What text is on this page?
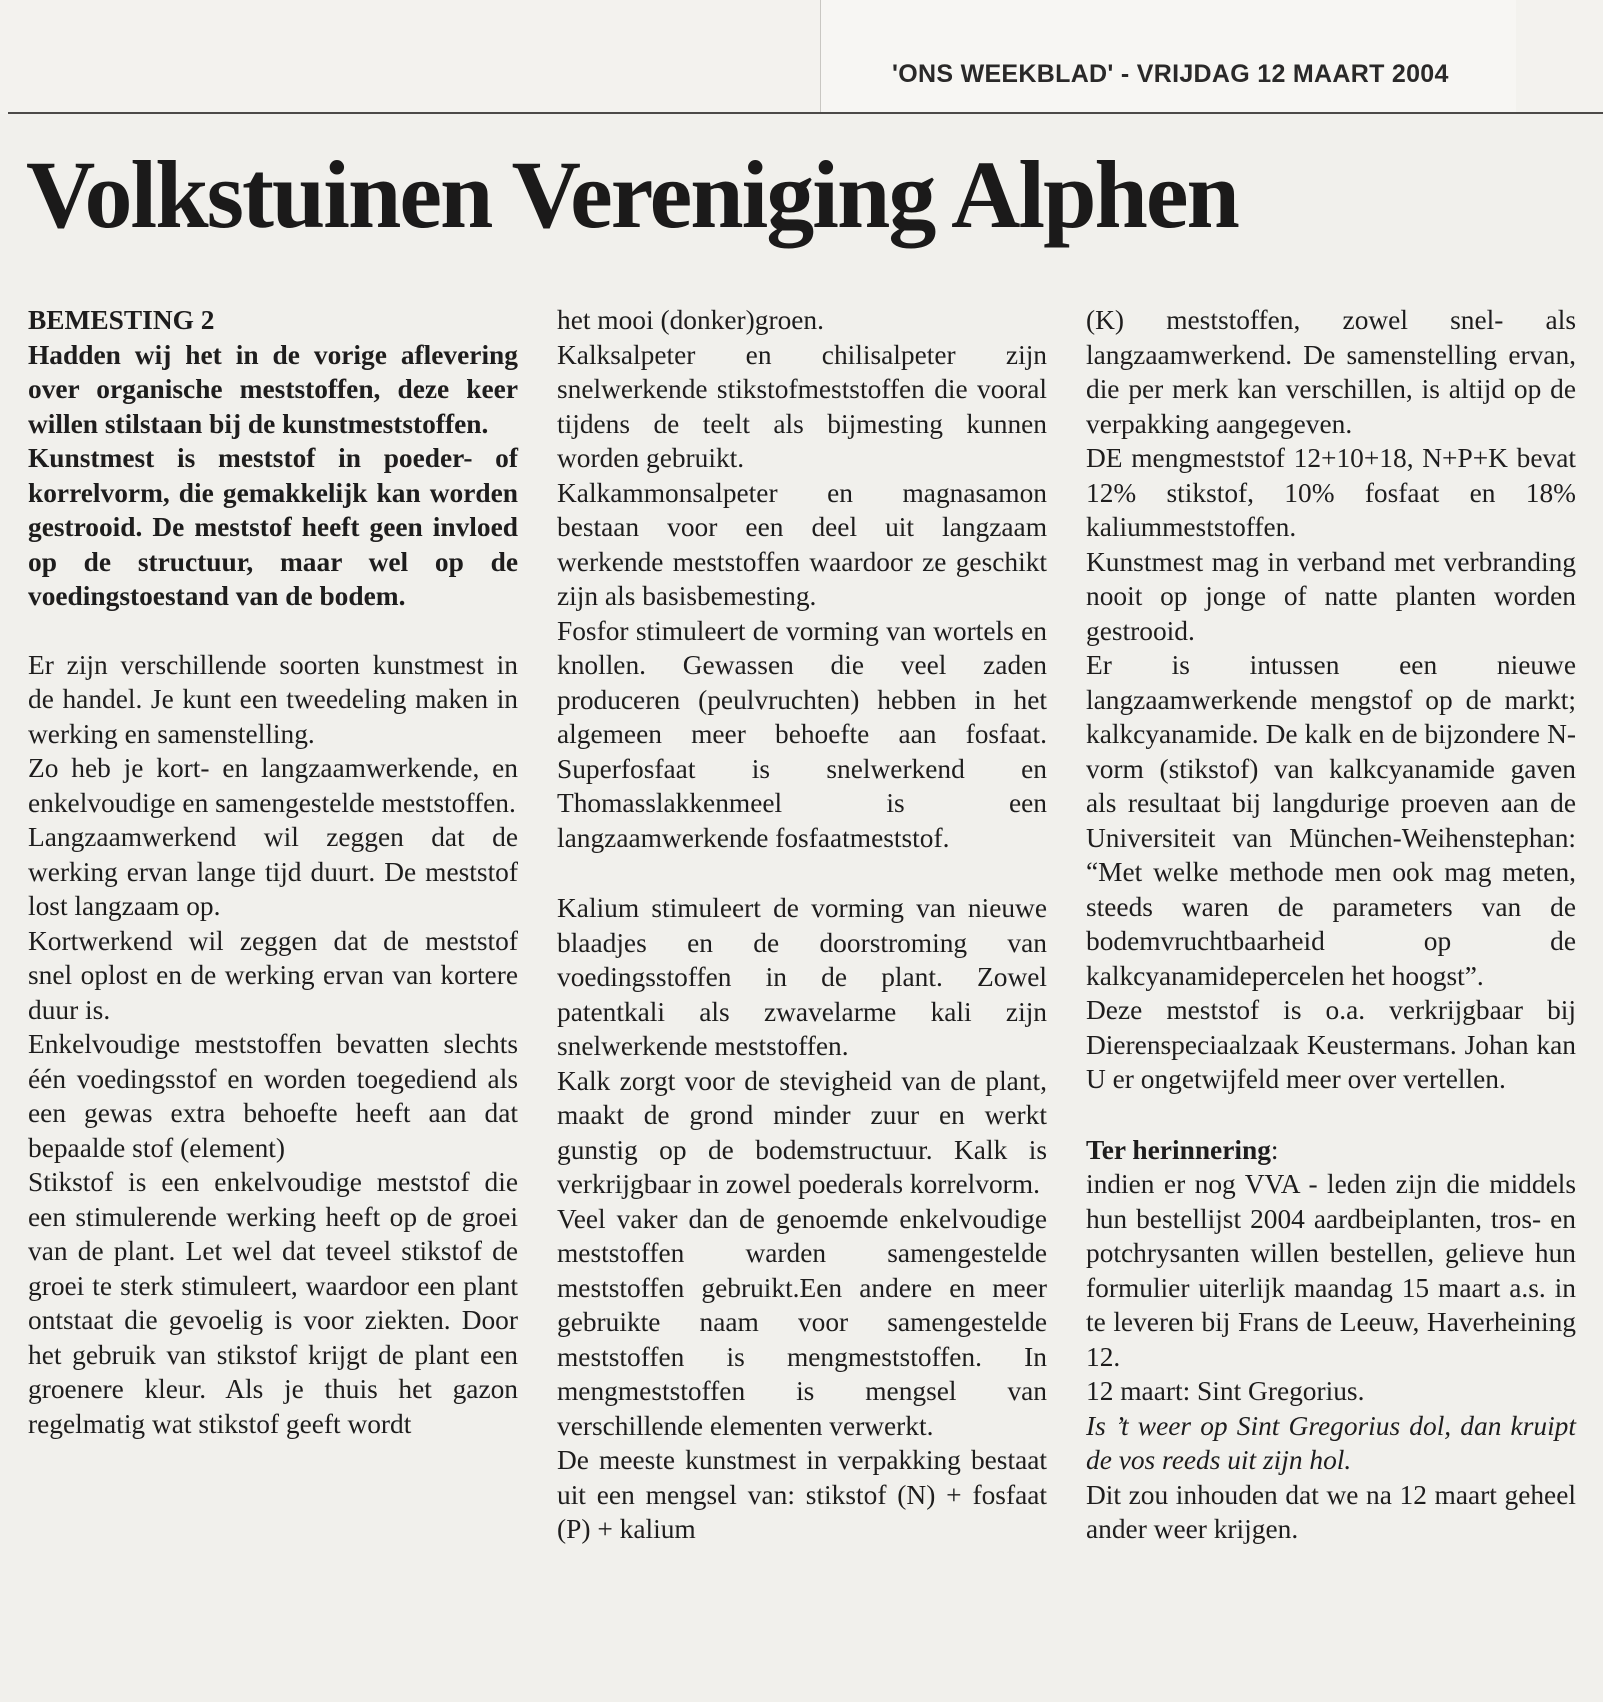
'ONS WEEKBLAD' - VRIJDAG 12 MAART 2004
Volkstuinen Vereniging Alphen

BEMESTING 2

Hadden wij het in de vorige aflevering over organische meststoffen, deze keer willen stilstaan bij de kunstmeststoffen.

Kunstmest is meststof in poeder- of korrelvorm, die gemakkelijk kan worden gestrooid. De meststof heeft geen invloed op de structuur, maar wel op de voedingstoestand van de bodem.

Er zijn verschillende soorten kunstmest in de handel. Je kunt een tweedeling maken in werking en samenstelling.

Zo heb je kort- en langzaamwerkende, en enkelvoudige en samengestelde meststoffen.

Langzaamwerkend wil zeggen dat de werking ervan lange tijd duurt. De meststof lost langzaam op.

Kortwerkend wil zeggen dat de meststof snel oplost en de werking ervan van kortere duur is.

Enkelvoudige meststoffen bevatten slechts één voedingsstof en worden toegediend als een gewas extra behoefte heeft aan dat bepaalde stof (element)

Stikstof is een enkelvoudige meststof die een stimulerende werking heeft op de groei van de plant. Let wel dat teveel stikstof de groei te sterk stimuleert, waardoor een plant ontstaat die gevoelig is voor ziekten. Door het gebruik van stikstof krijgt de plant een groenere kleur. Als je thuis het gazon regelmatig wat stikstof geeft wordt

het mooi (donker)groen.

Kalksalpeter en chilisalpeter zijn snelwerkende stikstofmeststoffen die vooral tijdens de teelt als bijmesting kunnen worden gebruikt.

Kalkammonsalpeter en magnasamon bestaan voor een deel uit langzaam werkende meststoffen waardoor ze geschikt zijn als basisbemesting.

Fosfor stimuleert de vorming van wortels en knollen. Gewassen die veel zaden produceren (peulvruchten) hebben in het algemeen meer behoefte aan fosfaat. Superfosfaat is snelwerkend en Thomasslakkenmeel is een langzaamwerkende fosfaatmeststof.

Kalium stimuleert de vorming van nieuwe blaadjes en de doorstroming van voedingsstoffen in de plant. Zowel patentkali als zwavelarme kali zijn snelwerkende meststoffen.

Kalk zorgt voor de stevigheid van de plant, maakt de grond minder zuur en werkt gunstig op de bodemstructuur. Kalk is verkrijgbaar in zowel poederals korrelvorm.

Veel vaker dan de genoemde enkelvoudige meststoffen warden samengestelde meststoffen gebruikt.Een andere en meer gebruikte naam voor samengestelde meststoffen is mengmeststoffen. In mengmeststoffen is mengsel van verschillende elementen verwerkt.

De meeste kunstmest in verpakking bestaat uit een mengsel van: stikstof (N) + fosfaat (P) + kalium

(K) meststoffen, zowel snel- als langzaamwerkend. De samenstelling ervan, die per merk kan verschillen, is altijd op de verpakking aangegeven.

DE mengmeststof 12+10+18, N+P+K bevat 12% stikstof, 10% fosfaat en 18% kaliummeststoffen.

Kunstmest mag in verband met verbranding nooit op jonge of natte planten worden gestrooid.

Er is intussen een nieuwe langzaamwerkende mengstof op de markt; kalkcyanamide. De kalk en de bijzondere N-vorm (stikstof) van kalkcyanamide gaven als resultaat bij langdurige proeven aan de Universiteit van München-Weihenstephan: “Met welke methode men ook mag meten, steeds waren de parameters van de bodemvruchtbaarheid op de kalkcyanamidepercelen het hoogst”.

Deze meststof is o.a. verkrijgbaar bij Dierenspeciaalzaak Keustermans. Johan kan U er ongetwijfeld meer over vertellen.

Ter herinnering:

indien er nog VVA - leden zijn die middels hun bestellijst 2004 aardbeiplanten, tros- en potchrysanten willen bestellen, gelieve hun formulier uiterlijk maandag 15 maart a.s. in te leveren bij Frans de Leeuw, Haverheining 12.

12 maart: Sint Gregorius.

Is ’t weer op Sint Gregorius dol, dan kruipt de vos reeds uit zijn hol.

Dit zou inhouden dat we na 12 maart geheel ander weer krijgen.
